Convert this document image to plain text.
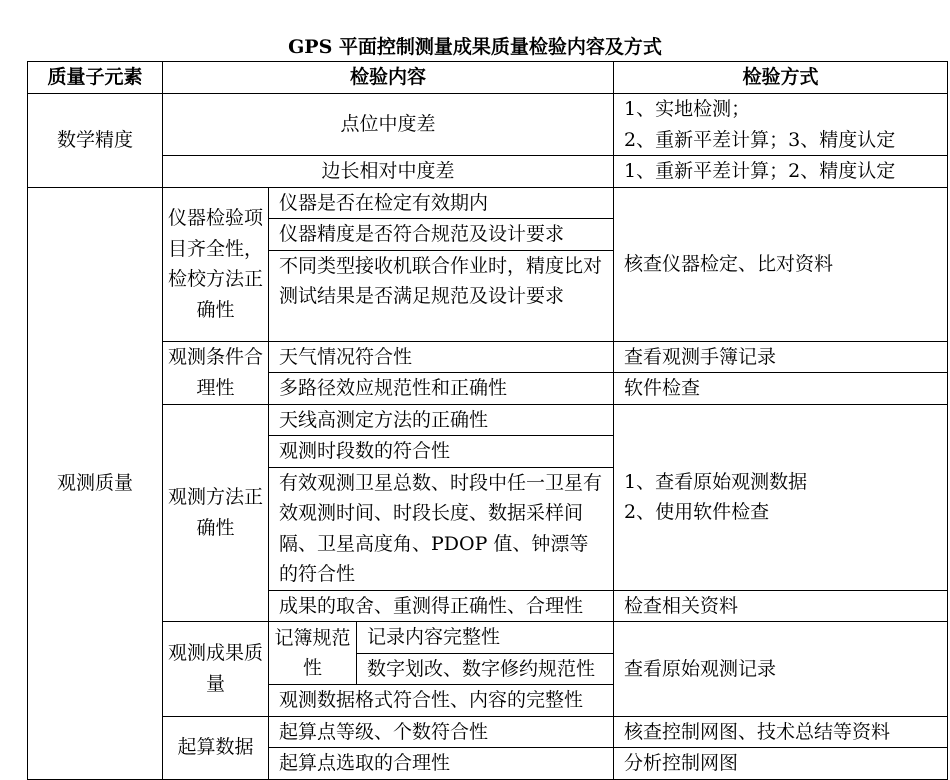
GPS 平面控制测量成果质量检验内容及方式
质量子元素	检验内容			检验方式
数学精度	点位中度差			1、实地检测；
2、重新平差计算；3、精度认定

	边长相对中度差			1、重新平差计算；2、精度认定
观测质量	仪器检验项目齐全性，检校方法正确性	仪器是否在检定有效期内		核查仪器检定、比对资料
		仪器精度是否符合规范及设计要求		
		不同类型接收机联合作业时，精度比对测试结果是否满足规范及设计要求		
	观测条件合理性	天气情况符合性		查看观测手簿记录
		多路径效应规范性和正确性		软件检查
	观测方法正确性	天线高测定方法的正确性		1、查看原始观测数据
2、使用软件检查

		观测时段数的符合性		
		有效观测卫星总数、时段中任一卫星有效观测时间、时段长度、数据采样间隔、卫星高度角、PDOP 值、钟漂等的符合性		
		成果的取舍、重测得正确性、合理性		检查相关资料
	观测成果质量	记簿规范性	记录内容完整性	查看原始观测记录
			数字划改、数字修约规范性	
		观测数据格式符合性、内容的完整性		
	起算数据	起算点等级、个数符合性		核查控制网图、技术总结等资料
		起算点选取的合理性		分析控制网图
